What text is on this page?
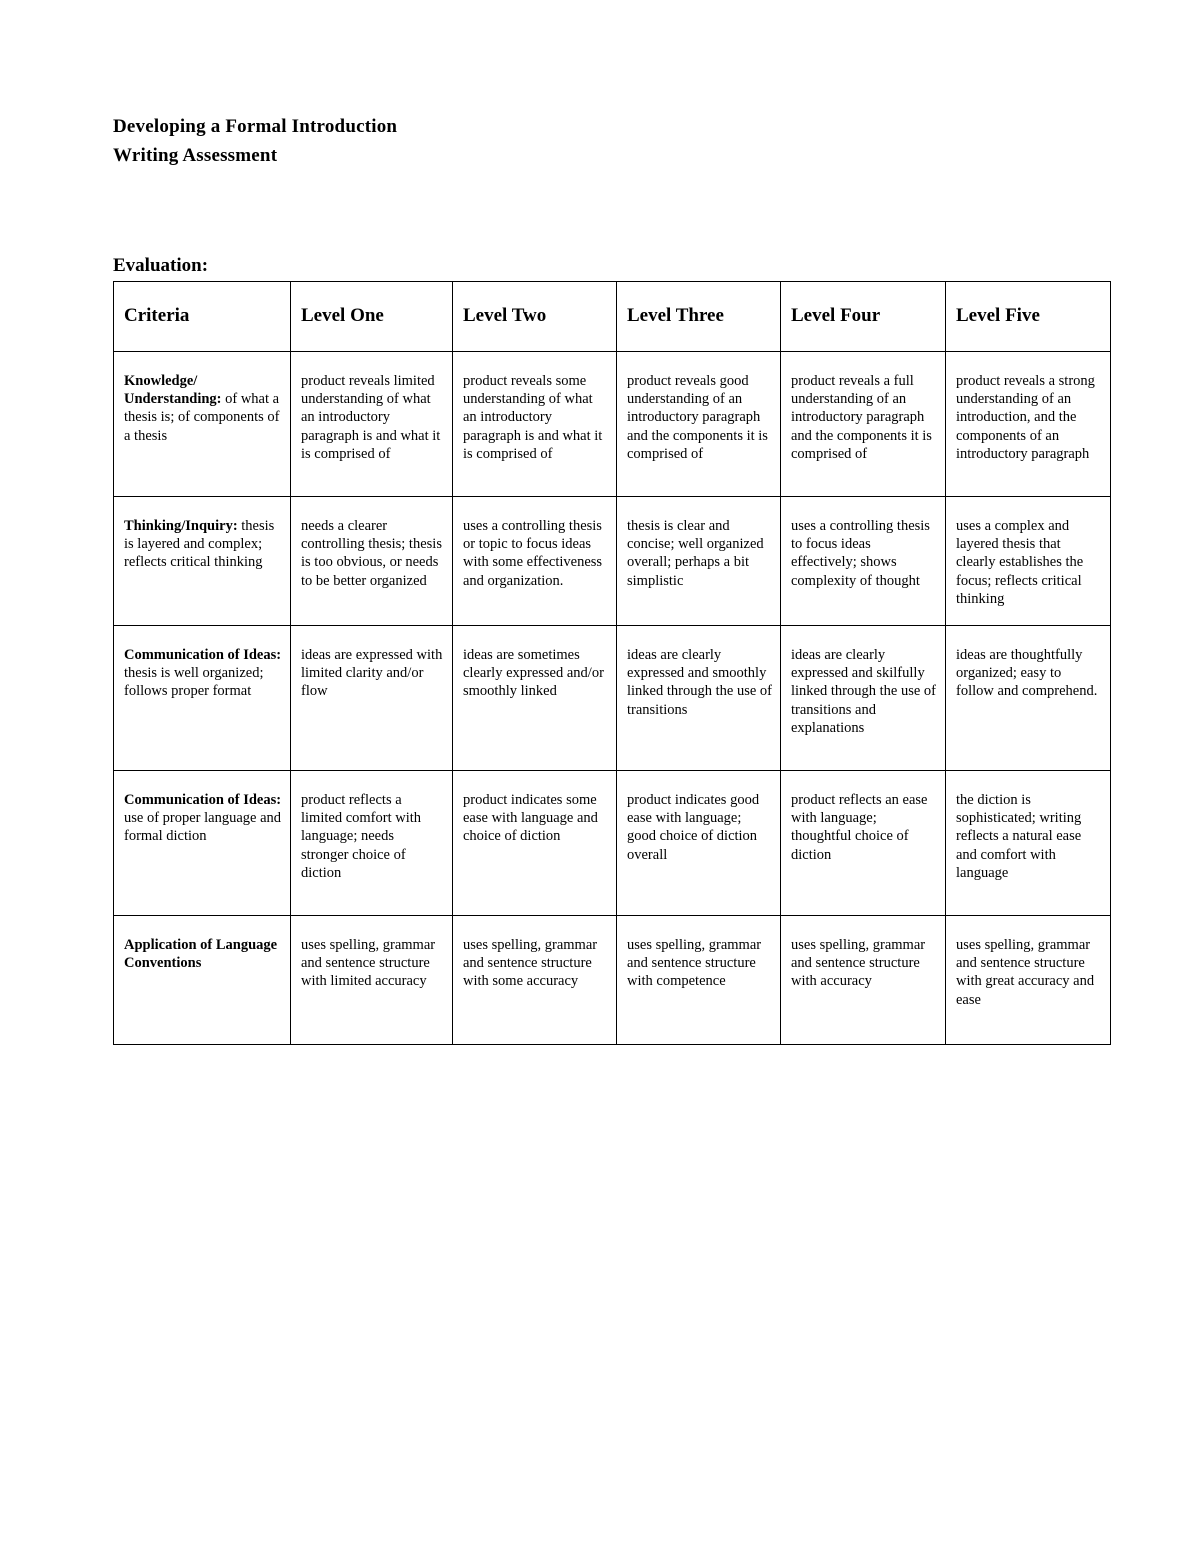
Developing a Formal Introduction
Writing Assessment
Evaluation:
Criteria	Level One	Level Two	Level Three	Level Four	Level Five
Knowledge/ Understanding: of what a thesis is; of components of a thesis	product reveals limited understanding of what an introductory paragraph is and what it is comprised of	product reveals some understanding of what an introductory paragraph is and what it is comprised of	product reveals good understanding of an introductory paragraph and the components it is comprised of	product reveals a full understanding of an introductory paragraph and the components it is comprised of	product reveals a strong understanding of an introduction, and the components of an introductory paragraph
Thinking/Inquiry: thesis is layered and complex; reflects critical thinking	needs a clearer controlling thesis; thesis is too obvious, or needs to be better organized	uses a controlling thesis or topic to focus ideas with some effectiveness and organization.	thesis is clear and concise; well organized overall; perhaps a bit simplistic	uses a controlling thesis to focus ideas effectively; shows complexity of thought	uses a complex and layered thesis that clearly establishes the focus; reflects critical thinking
Communication of Ideas: thesis is well organized; follows proper format	ideas are expressed with limited clarity and/or flow	ideas are sometimes clearly expressed and/or smoothly linked	ideas are clearly expressed and smoothly linked through the use of transitions	ideas are clearly expressed and skilfully linked through the use of transitions and explanations	ideas are thoughtfully organized; easy to follow and comprehend.
Communication of Ideas: use of proper language and formal diction	product reflects a limited comfort with language; needs stronger choice of diction	product indicates some ease with language and choice of diction	product indicates good ease with language; good choice of diction overall	product reflects an ease with language; thoughtful choice of diction	the diction is sophisticated; writing reflects a natural ease and comfort with language
Application of Language Conventions	uses spelling, grammar and sentence structure with limited accuracy	uses spelling, grammar and sentence structure with some accuracy	uses spelling, grammar and sentence structure with competence	uses spelling, grammar and sentence structure with accuracy	uses spelling, grammar and sentence structure with great accuracy and ease
